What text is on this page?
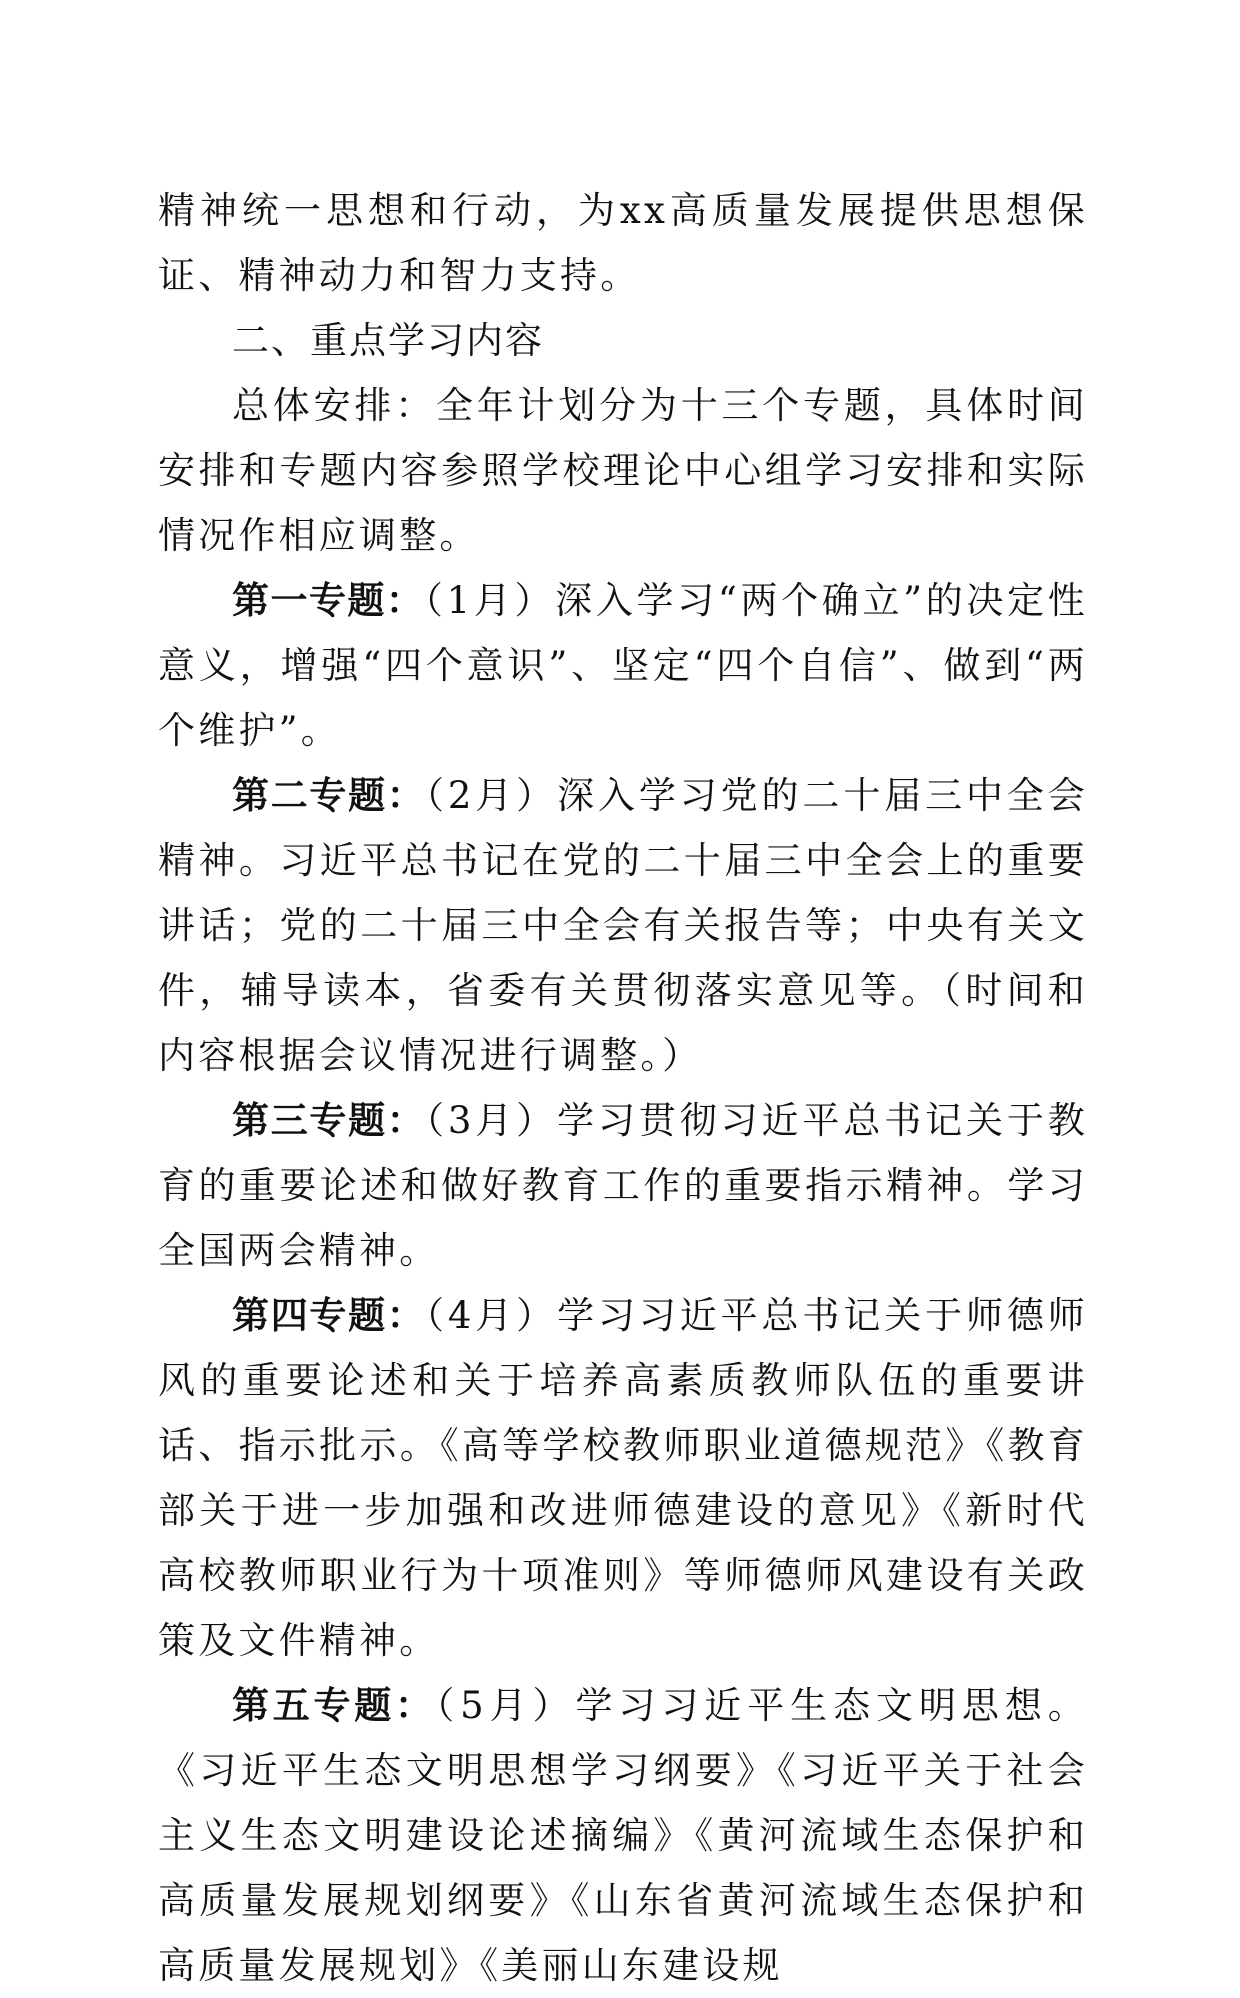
精神统一思想和行动，为xx高质量发展提供思想保证、精神动力和智力支持。

二、重点学习内容

总体安排：全年计划分为十三个专题，具体时间安排和专题内容参照学校理论中心组学习安排和实际情况作相应调整。

第一专题：（1月）深入学习“两个确立”的决定性意义，增强“四个意识”、坚定“四个自信”、做到“两个维护”。

第二专题：（2月）深入学习党的二十届三中全会精神。习近平总书记在党的二十届三中全会上的重要讲话；党的二十届三中全会有关报告等；中央有关文件，辅导读本，省委有关贯彻落实意见等。（时间和内容根据会议情况进行调整。）

第三专题：（3月）学习贯彻习近平总书记关于教育的重要论述和做好教育工作的重要指示精神。学习全国两会精神。

第四专题：（4月）学习习近平总书记关于师德师风的重要论述和关于培养高素质教师队伍的重要讲话、指示批示。《高等学校教师职业道德规范》《教育部关于进一步加强和改进师德建设的意见》《新时代高校教师职业行为十项准则》等师德师风建设有关政策及文件精神。

第五专题：（5月）学习习近平生态文明思想。《习近平生态文明思想学习纲要》《习近平关于社会主义生态文明建设论述摘编》《黄河流域生态保护和高质量发展规划纲要》《山东省黄河流域生态保护和高质量发展规划》《美丽山东建设规
